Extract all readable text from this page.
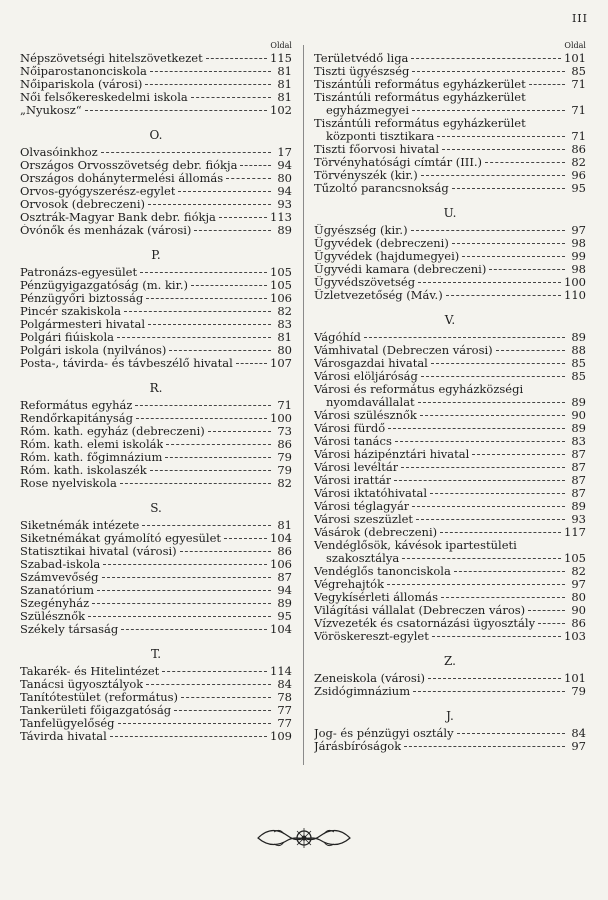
III
Oldal
Népszövetségi hitelszövetkezet	115
Nőiparostanonciskola	81
Nőipariskola (városi)	81
Női felsőkereskedelmi iskola	81
„Nyukosz“	102
O.
Olvasóinkhoz	17
Országos Orvosszövetség debr. fiókja	94
Országos dohánytermelési állomás	80
Orvos-gyógyszerész-egylet	94
Orvosok (debreczeni)	93
Osztrák-Magyar Bank debr. fiókja	113
Óvónők és menházak (városi)	89
P.
Patronázs-egyesület	105
Pénzügyigazgatóság (m. kir.)	105
Pénzügyőri biztosság	106
Pincér szakiskola	82
Polgármesteri hivatal	83
Polgári fiúiskola	81
Polgári iskola (nyilvános)	80
Posta-, távirda- és távbeszélő hivatal	107
R.
Református egyház	71
Rendőrkapitányság	100
Róm. kath. egyház (debreczeni)	73
Róm. kath. elemi iskolák	86
Róm. kath. főgimnázium	79
Róm. kath. iskolaszék	79
Rose nyelviskola	82
S.
Siketnémák intézete	81
Siketnémákat gyámolító egyesület	104
Statisztikai hivatal (városi)	86
Szabad-iskola	106
Számvevőség	87
Szanatórium	94
Szegényház	89
Szülésznők	95
Székely társaság	104
T.
Takarék- és Hitelintézet	114
Tanácsi ügyosztályok	84
Tanítótestület (református)	78
Tankerületi főigazgatóság	77
Tanfelügyelőség	77
Távirda hivatal	109
Oldal
Területvédő liga	101
Tiszti ügyészség	85
Tiszántúli református egyházkerület	71
Tiszántúli református egyházkerület
egyházmegyei	71
Tiszántúli református egyházkerület
központi tisztikara	71
Tiszti főorvosi hivatal	86
Törvényhatósági címtár (III.)	82
Törvényszék (kir.)	96
Tűzoltó parancsnokság	95
U.
Ügyészség (kir.)	97
Ügyvédek (debreczeni)	98
Ügyvédek (hajdumegyei)	99
Ügyvédi kamara (debreczeni)	98
Ügyvédszövetség	100
Üzletvezetőség (Máv.)	110
V.
Vágóhíd	89
Vámhivatal (Debreczen városi)	88
Városgazdai hivatal	85
Városi elöljáróság	85
Városi és református egyházközségi
nyomdavállalat	89
Városi szülésznők	90
Városi fürdő	89
Városi tanács	83
Városi házipénztári hivatal	87
Városi levéltár	87
Városi irattár	87
Városi iktatóhivatal	87
Városi téglagyár	89
Városi szeszüzlet	93
Vásárok (debreczeni)	117
Vendéglősök, kávésok ipartestületi
szakosztálya	105
Vendéglős tanonciskola	82
Végrehajtók	97
Vegykísérleti állomás	80
Világítási vállalat (Debreczen város)	90
Vízvezeték és csatornázási ügyosztály	86
Vöröskereszt-egylet	103
Z.
Zeneiskola (városi)	101
Zsidógimnázium	79
J.
Jog- és pénzügyi osztály	84
Járásbíróságok	97
